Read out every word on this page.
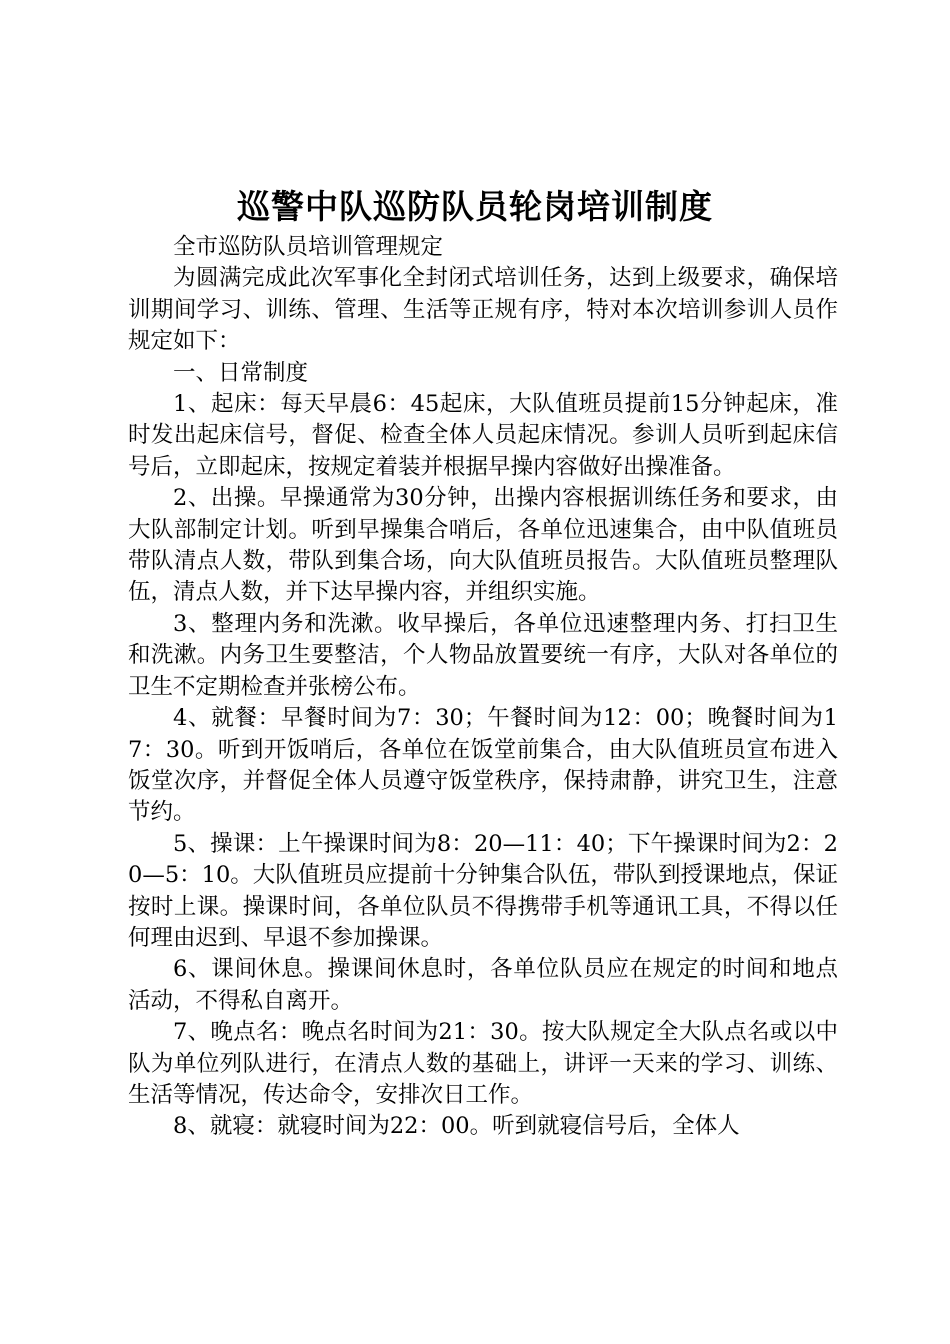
巡警中队巡防队员轮岗培训制度

全市巡防队员培训管理规定

为圆满完成此次军事化全封闭式培训任务，达到上级要求，确保培训期间学习、训练、管理、生活等正规有序，特对本次培训参训人员作规定如下：

一、日常制度

1、起床：每天早晨6：45起床，大队值班员提前15分钟起床，准时发出起床信号，督促、检查全体人员起床情况。参训人员听到起床信号后，立即起床，按规定着装并根据早操内容做好出操准备。

2、出操。早操通常为30分钟，出操内容根据训练任务和要求，由大队部制定计划。听到早操集合哨后，各单位迅速集合，由中队值班员带队清点人数，带队到集合场，向大队值班员报告。大队值班员整理队伍，清点人数，并下达早操内容，并组织实施。

3、整理内务和洗漱。收早操后，各单位迅速整理内务、打扫卫生和洗漱。内务卫生要整洁，个人物品放置要统一有序，大队对各单位的卫生不定期检查并张榜公布。

4、就餐：早餐时间为7：30；午餐时间为12：00；晚餐时间为17：30。听到开饭哨后，各单位在饭堂前集合，由大队值班员宣布进入饭堂次序，并督促全体人员遵守饭堂秩序，保持肃静，讲究卫生，注意节约。

5、操课：上午操课时间为8：20—11：40；下午操课时间为2：20—5：10。大队值班员应提前十分钟集合队伍，带队到授课地点，保证按时上课。操课时间，各单位队员不得携带手机等通讯工具，不得以任何理由迟到、早退不参加操课。

6、课间休息。操课间休息时，各单位队员应在规定的时间和地点活动，不得私自离开。

7、晚点名：晚点名时间为21：30。按大队规定全大队点名或以中队为单位列队进行，在清点人数的基础上，讲评一天来的学习、训练、生活等情况，传达命令，安排次日工作。

8、就寝：就寝时间为22：00。听到就寝信号后，全体人
